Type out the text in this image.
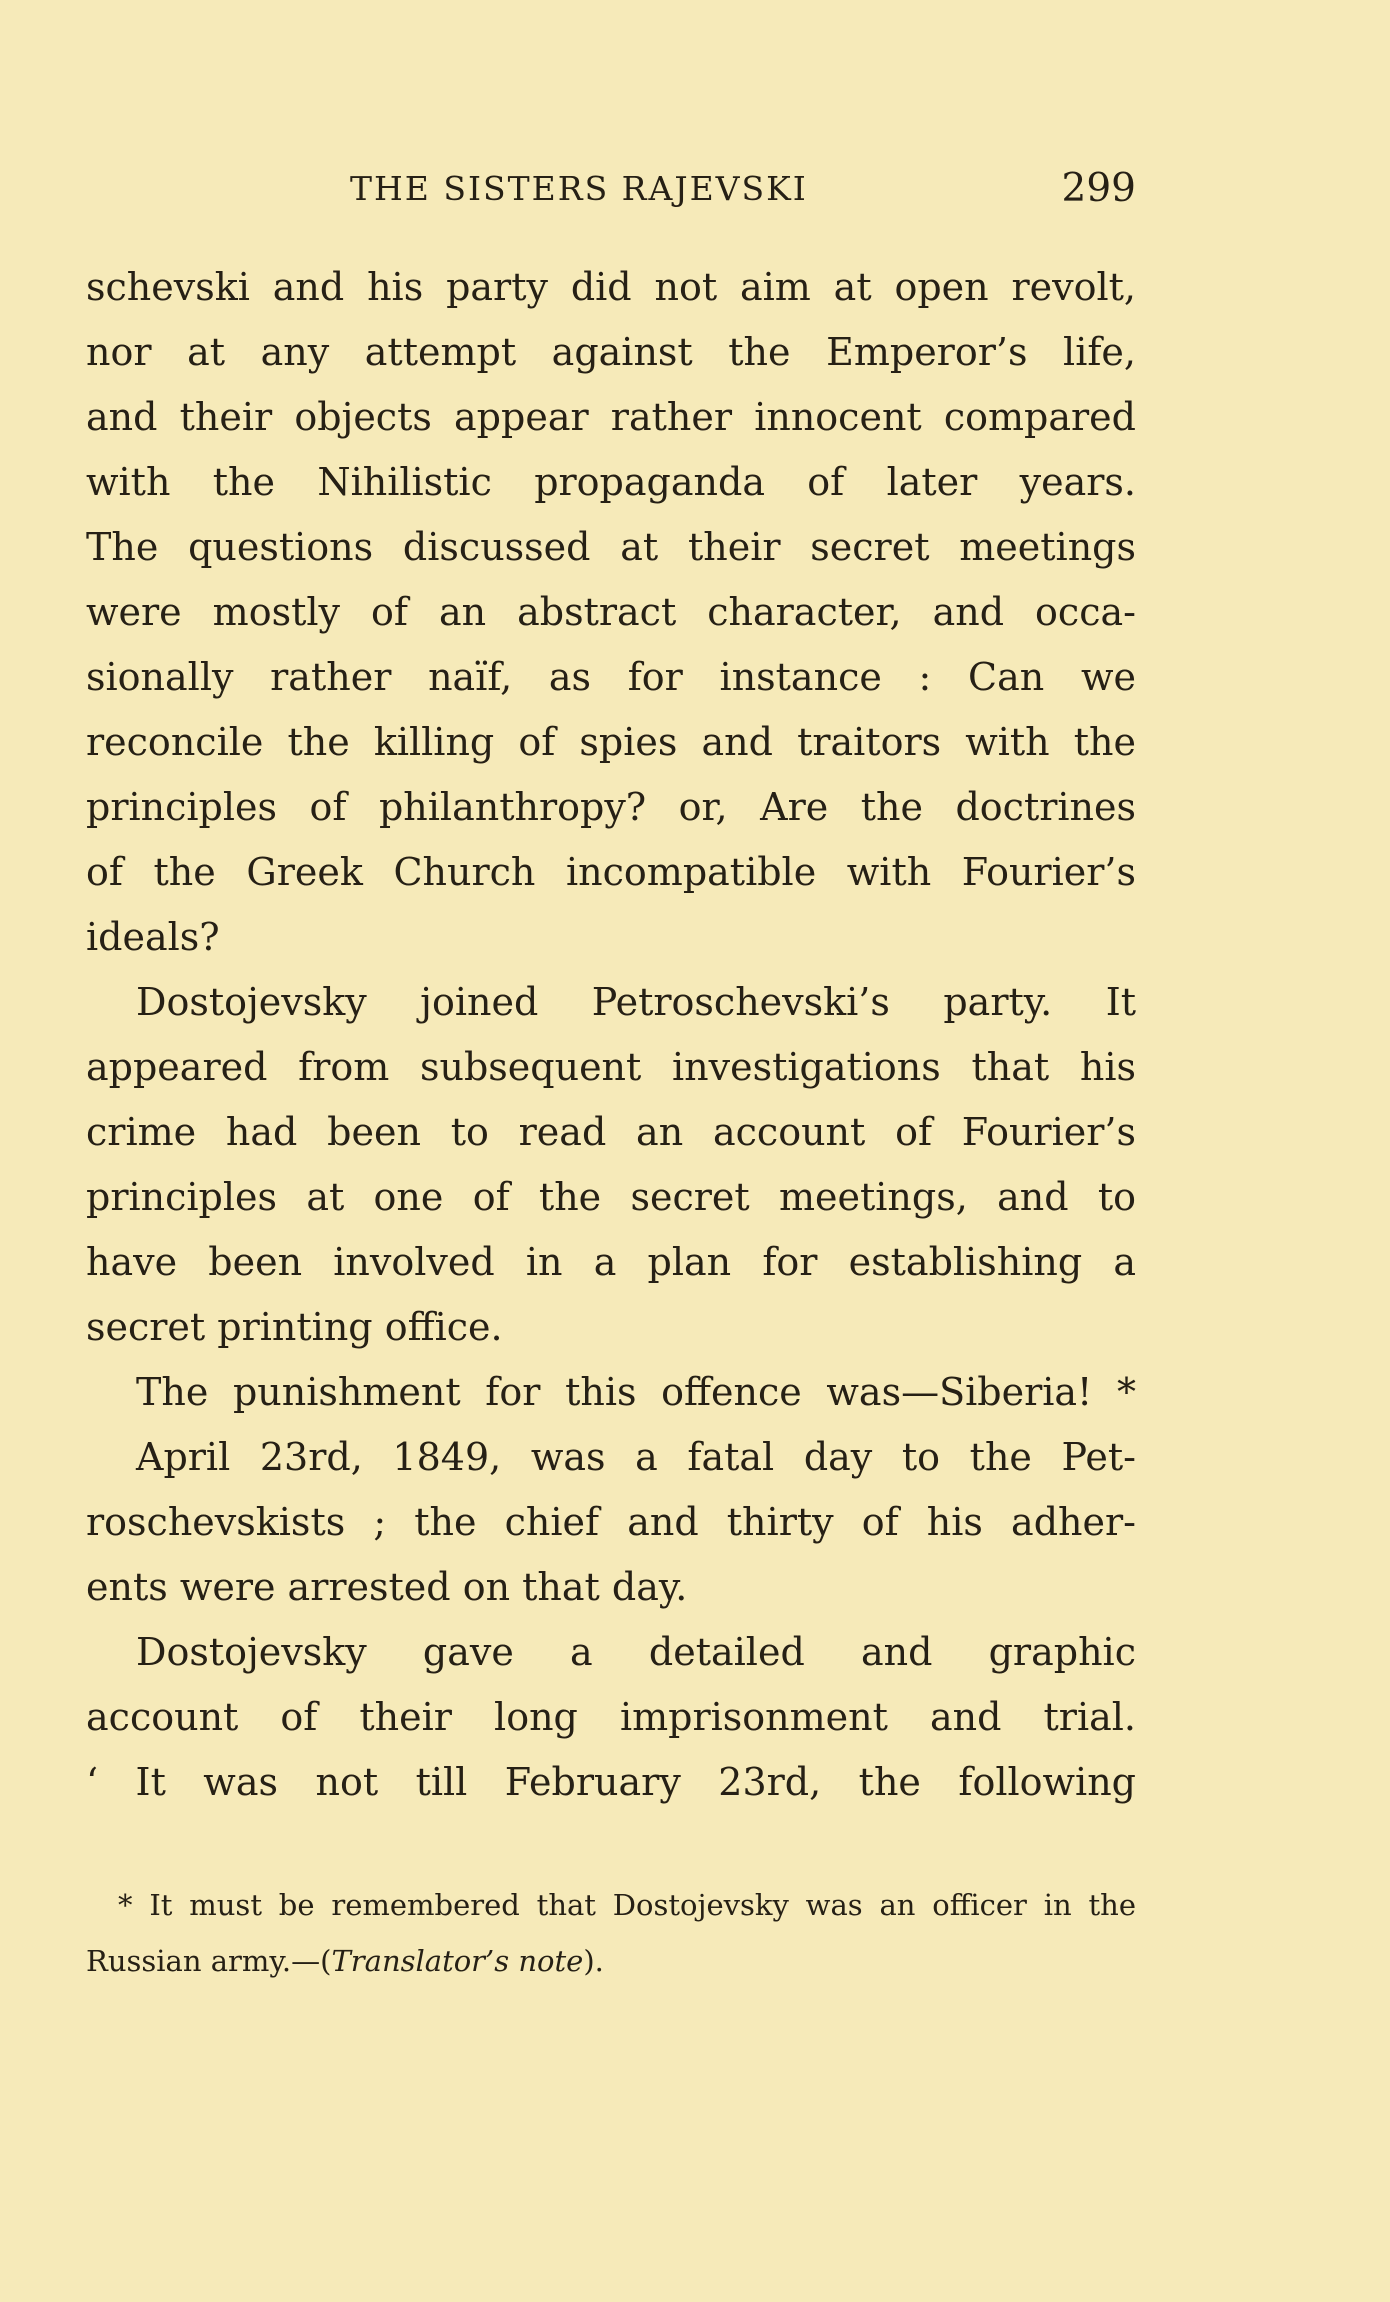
THE SISTERS RAJEVSKI	299
schevski and his party did not aim at open revolt,
nor at any attempt against the Emperor’s life,
and their objects appear rather innocent compared
with the Nihilistic propaganda of later years.
The questions discussed at their secret meetings
were mostly of an abstract character, and occa-
sionally rather naïf, as for instance : Can we
reconcile the killing of spies and traitors with the
principles of philanthropy? or, Are the doctrines
of the Greek Church incompatible with Fourier’s
ideals?
Dostojevsky joined Petroschevski’s party. It
appeared from subsequent investigations that his
crime had been to read an account of Fourier’s
principles at one of the secret meetings, and to
have been involved in a plan for establishing a
secret printing office.
The punishment for this offence was—Siberia! *
April 23rd, 1849, was a fatal day to the Pet-
roschevskists ; the chief and thirty of his adher-
ents were arrested on that day.
Dostojevsky gave a detailed and graphic
account of their long imprisonment and trial.
‘ It was not till February 23rd, the following
* It must be remembered that Dostojevsky was an officer in the
Russian army.—(Translator’s note).
